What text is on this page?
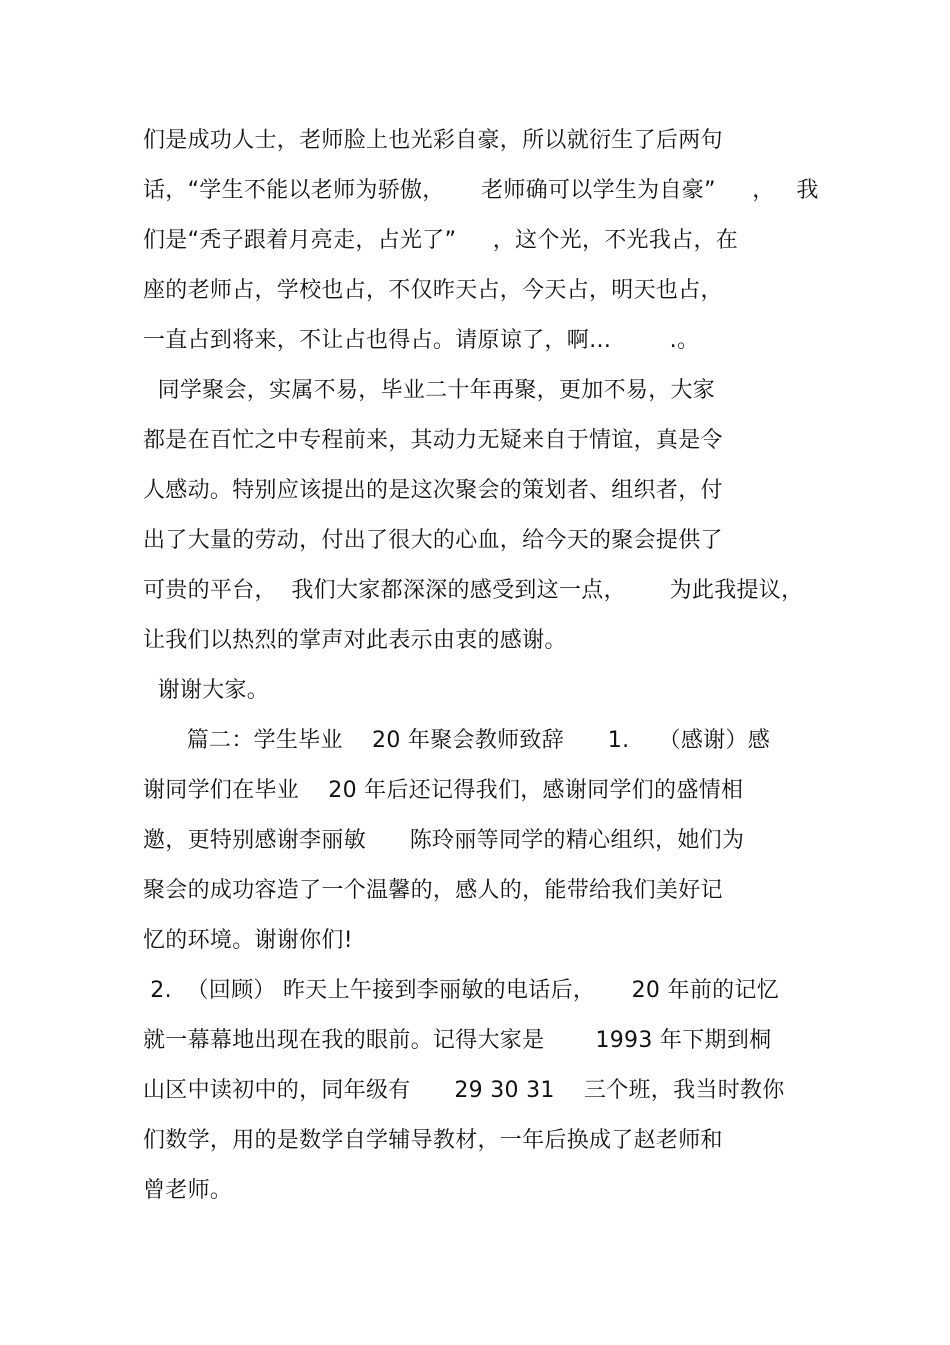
们是成功人士，老师脸上也光彩自豪，所以就衍生了后两句
话，“学生不能以老师为骄傲，     老师确可以学生为自豪”     ，   我
们是“秃子跟着月亮走，占光了”     ，这个光，不光我占，在
座的老师占，学校也占，不仅昨天占，今天占，明天也占，
一直占到将来，不让占也得占。请原谅了，啊…        .。
同学聚会，实属不易，毕业二十年再聚，更加不易，大家
都是在百忙之中专程前来，其动力无疑来自于情谊，真是令
人感动。特别应该提出的是这次聚会的策划者、组织者，付
出了大量的劳动，付出了很大的心血，给今天的聚会提供了
可贵的平台，  我们大家都深深的感受到这一点，      为此我提议，
让我们以热烈的掌声对此表示由衷的感谢。
谢谢大家。
篇二：学生毕业    20 年聚会教师致辞      1.    （感谢）感
谢同学们在毕业    20 年后还记得我们，感谢同学们的盛情相
邀，更特别感谢李丽敏      陈玲丽等同学的精心组织，她们为
聚会的成功容造了一个温馨的，感人的，能带给我们美好记
忆的环境。谢谢你们!
2.  （回顾） 昨天上午接到李丽敏的电话后，     20 年前的记忆
就一幕幕地出现在我的眼前。记得大家是       1993 年下期到桐
山区中读初中的，同年级有      29 30 31    三个班，我当时教你
们数学，用的是数学自学辅导教材，一年后换成了赵老师和
曾老师。
